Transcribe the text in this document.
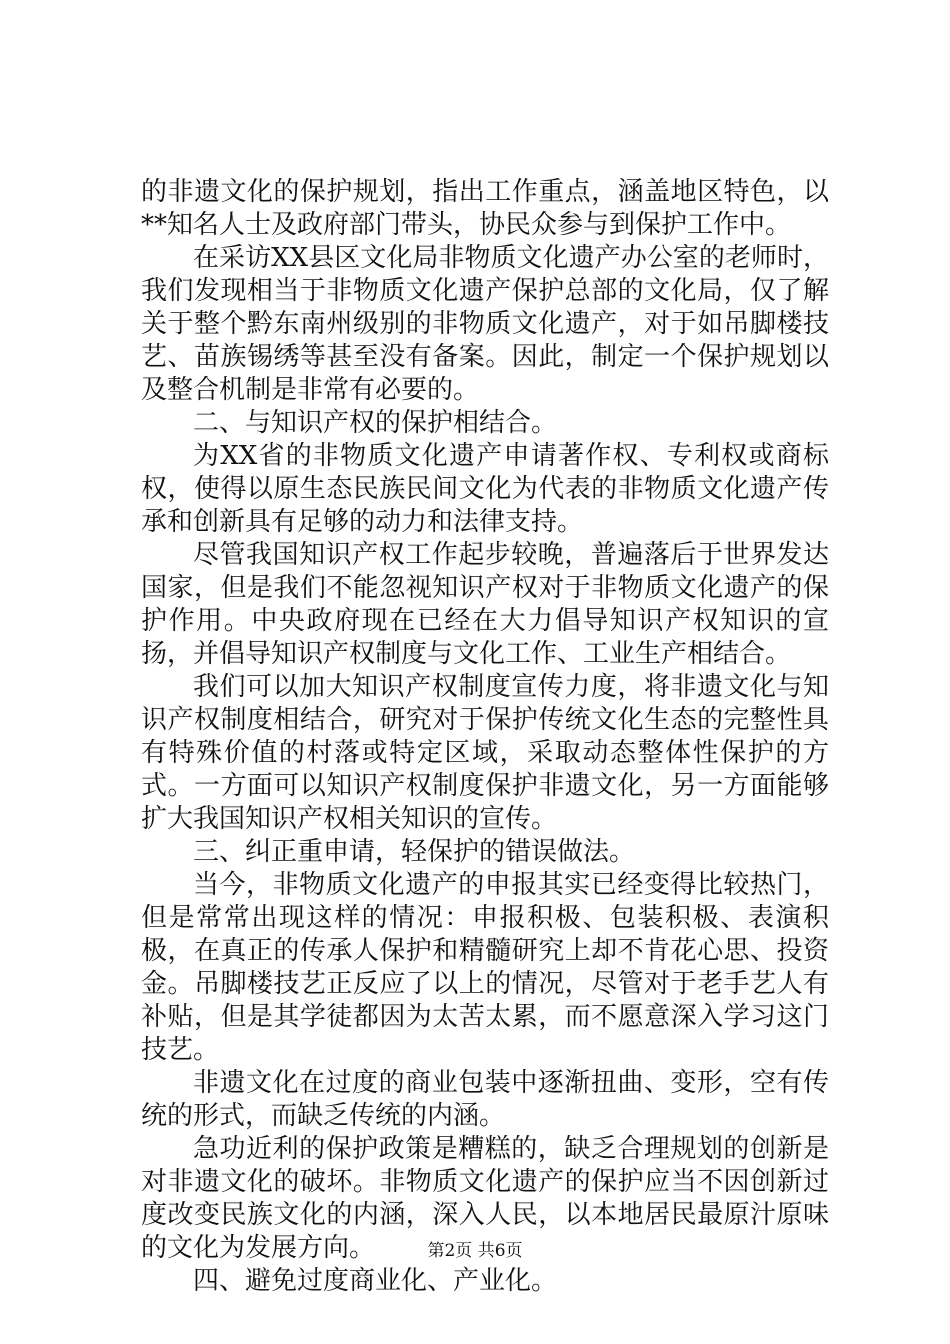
的非遗文化的保护规划，指出工作重点，涵盖地区特色，以**知名人士及政府部门带头，协民众参与到保护工作中。

在采访XX县区文化局非物质文化遗产办公室的老师时，我们发现相当于非物质文化遗产保护总部的文化局，仅了解关于整个黔东南州级别的非物质文化遗产，对于如吊脚楼技艺、苗族锡绣等甚至没有备案。因此，制定一个保护规划以及整合机制是非常有必要的。

二、与知识产权的保护相结合。

为XX省的非物质文化遗产申请著作权、专利权或商标权，使得以原生态民族民间文化为代表的非物质文化遗产传承和创新具有足够的动力和法律支持。

尽管我国知识产权工作起步较晚，普遍落后于世界发达国家，但是我们不能忽视知识产权对于非物质文化遗产的保护作用。中央政府现在已经在大力倡导知识产权知识的宣扬，并倡导知识产权制度与文化工作、工业生产相结合。

我们可以加大知识产权制度宣传力度，将非遗文化与知识产权制度相结合，研究对于保护传统文化生态的完整性具有特殊价值的村落或特定区域，采取动态整体性保护的方式。一方面可以知识产权制度保护非遗文化，另一方面能够扩大我国知识产权相关知识的宣传。

三、纠正重申请，轻保护的错误做法。

当今，非物质文化遗产的申报其实已经变得比较热门，但是常常出现这样的情况：申报积极、包装积极、表演积极，在真正的传承人保护和精髓研究上却不肯花心思、投资金。吊脚楼技艺正反应了以上的情况，尽管对于老手艺人有补贴，但是其学徒都因为太苦太累，而不愿意深入学习这门技艺。

非遗文化在过度的商业包装中逐渐扭曲、变形，空有传统的形式，而缺乏传统的内涵。

急功近利的保护政策是糟糕的，缺乏合理规划的创新是对非遗文化的破坏。非物质文化遗产的保护应当不因创新过度改变民族文化的内涵，深入人民，以本地居民最原汁原味的文化为发展方向。

四、避免过度商业化、产业化。

第2页 共6页
